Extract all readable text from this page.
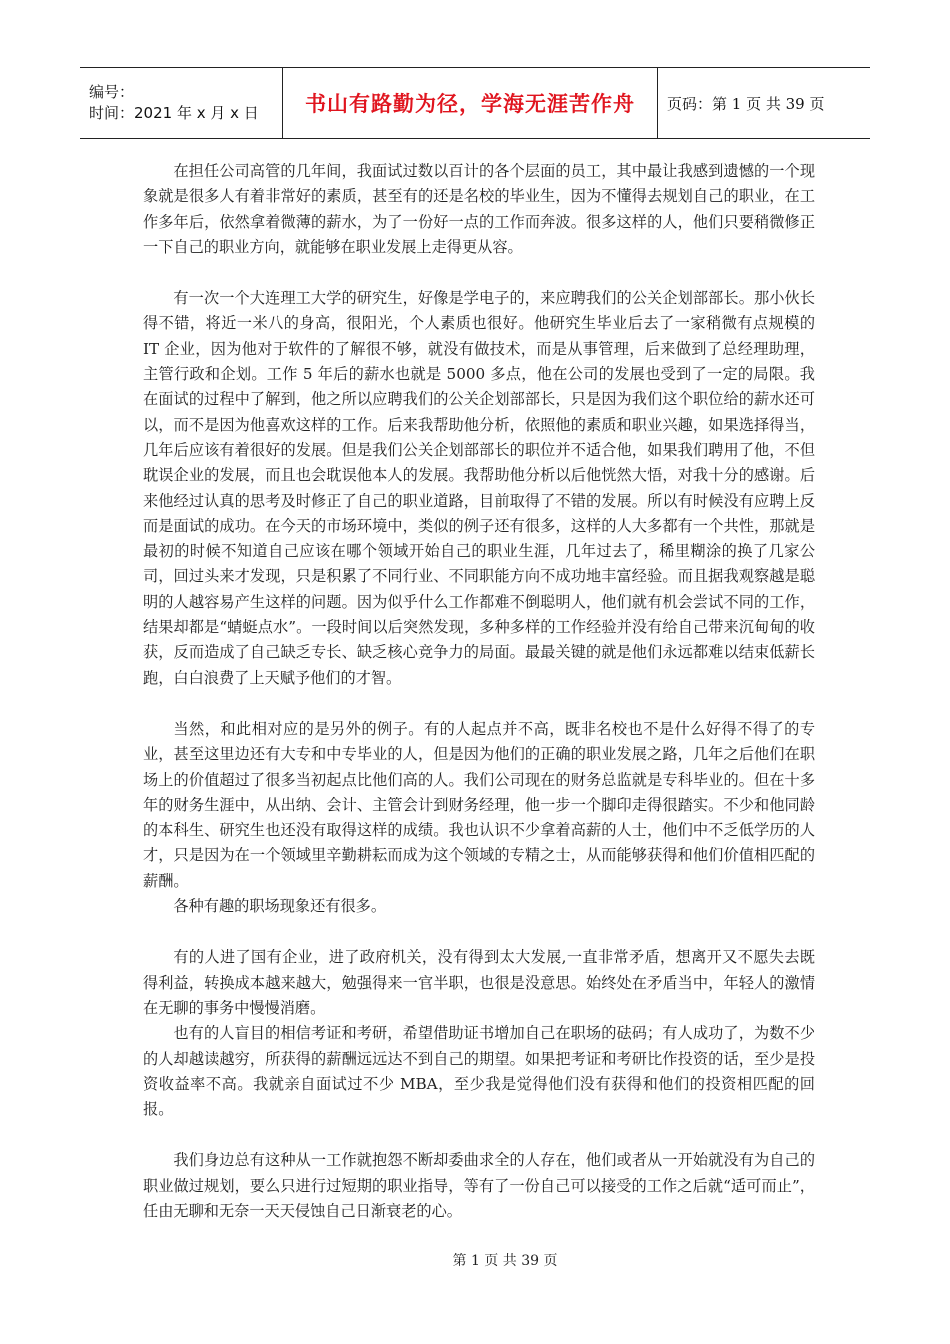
编号：
时间：2021 年 x 月 x 日	书山有路勤为径，学海无涯苦作舟	页码：第 1 页 共 39 页

在担任公司高管的几年间，我面试过数以百计的各个层面的员工，其中最让我感到遗憾的一个现象就是很多人有着非常好的素质，甚至有的还是名校的毕业生，因为不懂得去规划自己的职业，在工作多年后，依然拿着微薄的薪水，为了一份好一点的工作而奔波。很多这样的人，他们只要稍微修正一下自己的职业方向，就能够在职业发展上走得更从容。

有一次一个大连理工大学的研究生，好像是学电子的，来应聘我们的公关企划部部长。那小伙长得不错，将近一米八的身高，很阳光，个人素质也很好。他研究生毕业后去了一家稍微有点规模的 IT 企业，因为他对于软件的了解很不够，就没有做技术，而是从事管理，后来做到了总经理助理，主管行政和企划。工作 5 年后的薪水也就是 5000 多点，他在公司的发展也受到了一定的局限。我在面试的过程中了解到，他之所以应聘我们的公关企划部部长，只是因为我们这个职位给的薪水还可以，而不是因为他喜欢这样的工作。后来我帮助他分析，依照他的素质和职业兴趣，如果选择得当，几年后应该有着很好的发展。但是我们公关企划部部长的职位并不适合他，如果我们聘用了他，不但耽误企业的发展，而且也会耽误他本人的发展。我帮助他分析以后他恍然大悟，对我十分的感谢。后来他经过认真的思考及时修正了自己的职业道路，目前取得了不错的发展。所以有时候没有应聘上反而是面试的成功。在今天的市场环境中，类似的例子还有很多，这样的人大多都有一个共性，那就是最初的时候不知道自己应该在哪个领域开始自己的职业生涯，几年过去了，稀里糊涂的换了几家公司，回过头来才发现，只是积累了不同行业、不同职能方向不成功地丰富经验。而且据我观察越是聪明的人越容易产生这样的问题。因为似乎什么工作都难不倒聪明人，他们就有机会尝试不同的工作，结果却都是“蜻蜓点水”。一段时间以后突然发现，多种多样的工作经验并没有给自己带来沉甸甸的收获，反而造成了自己缺乏专长、缺乏核心竞争力的局面。最最关键的就是他们永远都难以结束低薪长跑，白白浪费了上天赋予他们的才智。

当然，和此相对应的是另外的例子。有的人起点并不高，既非名校也不是什么好得不得了的专业，甚至这里边还有大专和中专毕业的人，但是因为他们的正确的职业发展之路，几年之后他们在职场上的价值超过了很多当初起点比他们高的人。我们公司现在的财务总监就是专科毕业的。但在十多年的财务生涯中，从出纳、会计、主管会计到财务经理，他一步一个脚印走得很踏实。不少和他同龄的本科生、研究生也还没有取得这样的成绩。我也认识不少拿着高薪的人士，他们中不乏低学历的人才，只是因为在一个领域里辛勤耕耘而成为这个领域的专精之士，从而能够获得和他们价值相匹配的薪酬。

各种有趣的职场现象还有很多。

有的人进了国有企业，进了政府机关，没有得到太大发展,一直非常矛盾，想离开又不愿失去既得利益，转换成本越来越大，勉强得来一官半职，也很是没意思。始终处在矛盾当中，年轻人的激情在无聊的事务中慢慢消磨。

也有的人盲目的相信考证和考研，希望借助证书增加自己在职场的砝码；有人成功了，为数不少的人却越读越穷，所获得的薪酬远远达不到自己的期望。如果把考证和考研比作投资的话，至少是投资收益率不高。我就亲自面试过不少 MBA，至少我是觉得他们没有获得和他们的投资相匹配的回报。

我们身边总有这种从一工作就抱怨不断却委曲求全的人存在，他们或者从一开始就没有为自己的职业做过规划，要么只进行过短期的职业指导，等有了一份自己可以接受的工作之后就“适可而止”，任由无聊和无奈一天天侵蚀自己日渐衰老的心。

第 1 页 共 39 页
